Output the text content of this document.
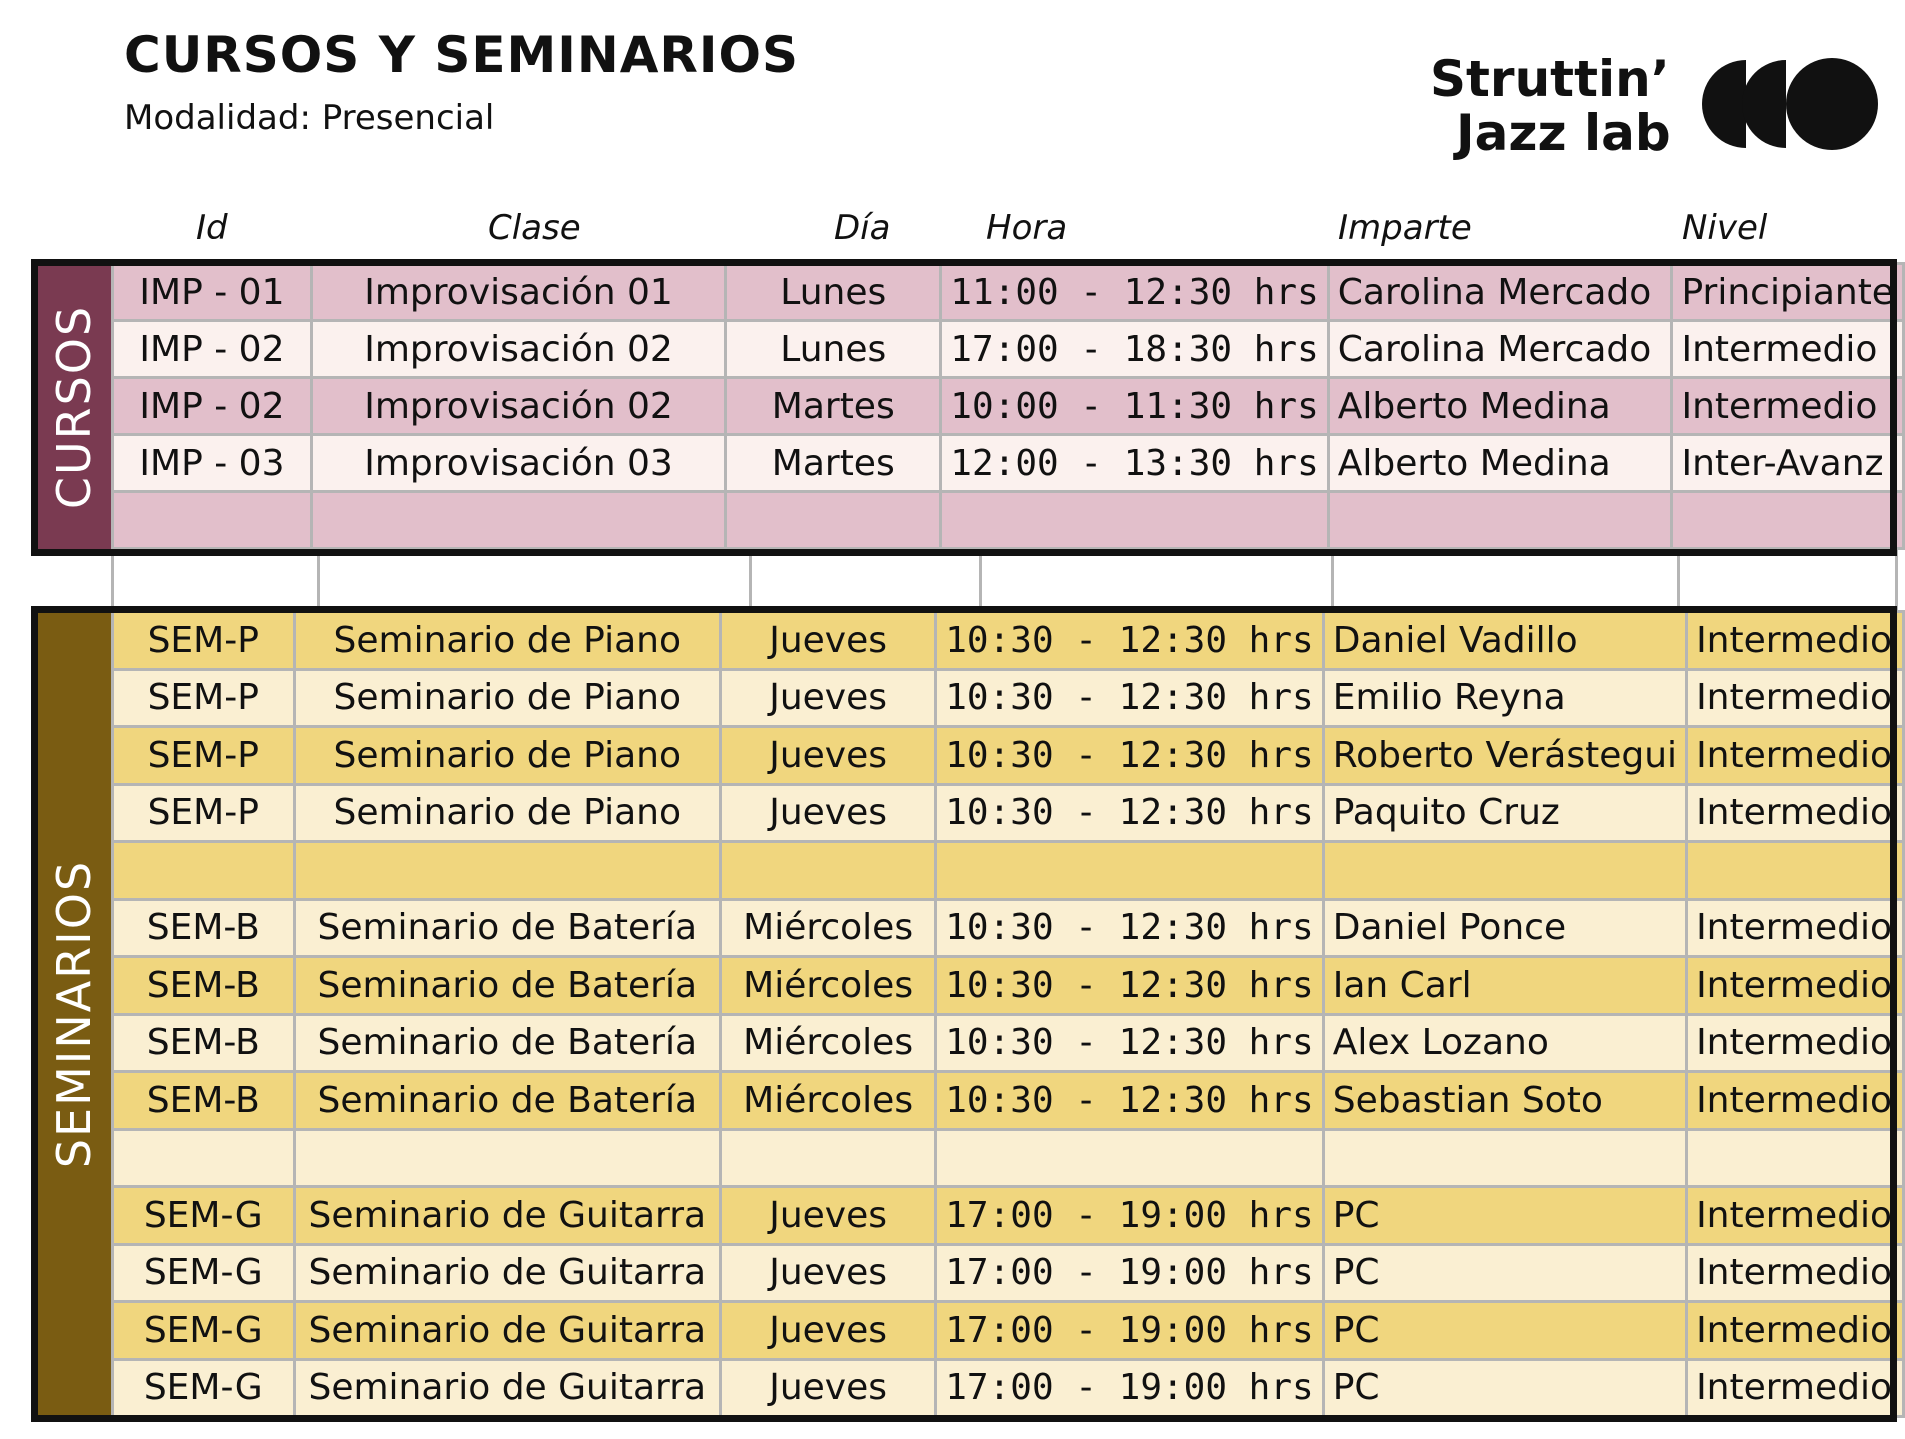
CURSOS Y SEMINARIOS
Modalidad: Presencial
Struttin’
Jazz lab
Id	Clase	Día	Hora	Imparte	Nivel
CURSOS
SEMINARIOS
IMP - 01	Improvisación 01	Lunes	11:00 - 12:30 hrs	Carolina Mercado	Principiante
IMP - 02	Improvisación 02	Lunes	17:00 - 18:30 hrs	Carolina Mercado	Intermedio
IMP - 02	Improvisación 02	Martes	10:00 - 11:30 hrs	Alberto Medina	Intermedio
IMP - 03	Improvisación 03	Martes	12:00 - 13:30 hrs	Alberto Medina	Inter-Avanz

SEM-P	Seminario de Piano	Jueves	10:30 - 12:30 hrs	Daniel Vadillo	Intermedio
SEM-P	Seminario de Piano	Jueves	10:30 - 12:30 hrs	Emilio Reyna	Intermedio
SEM-P	Seminario de Piano	Jueves	10:30 - 12:30 hrs	Roberto Verástegui	Intermedio
SEM-P	Seminario de Piano	Jueves	10:30 - 12:30 hrs	Paquito Cruz	Intermedio

SEM-B	Seminario de Batería	Miércoles	10:30 - 12:30 hrs	Daniel Ponce	Intermedio
SEM-B	Seminario de Batería	Miércoles	10:30 - 12:30 hrs	Ian Carl	Intermedio
SEM-B	Seminario de Batería	Miércoles	10:30 - 12:30 hrs	Alex Lozano	Intermedio
SEM-B	Seminario de Batería	Miércoles	10:30 - 12:30 hrs	Sebastian Soto	Intermedio

SEM-G	Seminario de Guitarra	Jueves	17:00 - 19:00 hrs	PC	Intermedio
SEM-G	Seminario de Guitarra	Jueves	17:00 - 19:00 hrs	PC	Intermedio
SEM-G	Seminario de Guitarra	Jueves	17:00 - 19:00 hrs	PC	Intermedio
SEM-G	Seminario de Guitarra	Jueves	17:00 - 19:00 hrs	PC	Intermedio
